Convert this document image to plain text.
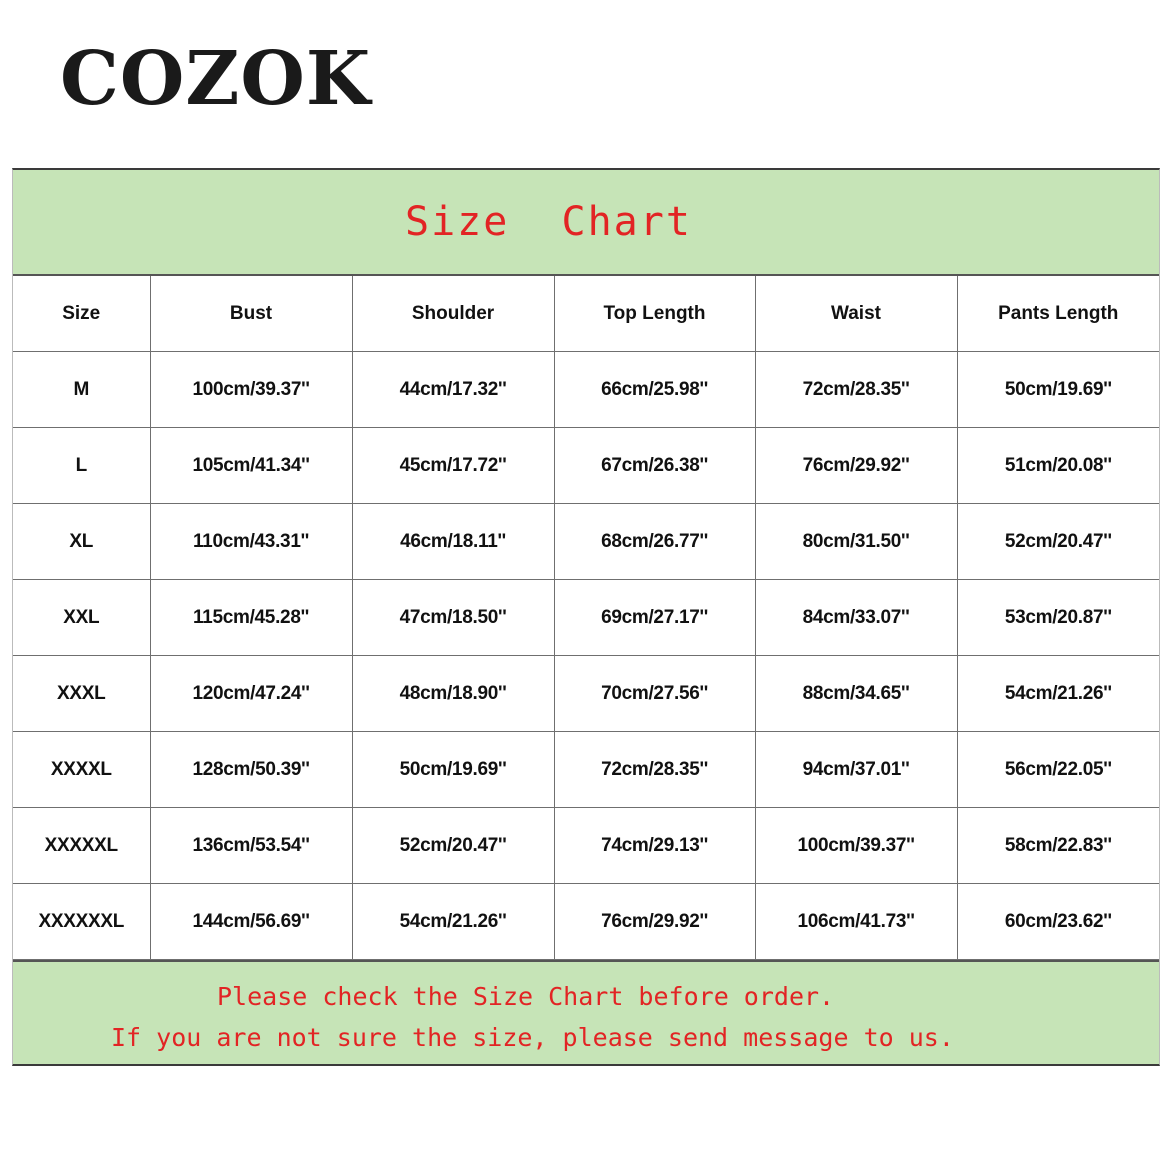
COZOK
Size  Chart
Size	Bust	Shoulder	Top Length	Waist	Pants Length
M	100cm/39.37''	44cm/17.32''	66cm/25.98''	72cm/28.35''	50cm/19.69''
L	105cm/41.34''	45cm/17.72''	67cm/26.38''	76cm/29.92''	51cm/20.08''
XL	110cm/43.31''	46cm/18.11''	68cm/26.77''	80cm/31.50''	52cm/20.47''
XXL	115cm/45.28''	47cm/18.50''	69cm/27.17''	84cm/33.07''	53cm/20.87''
XXXL	120cm/47.24''	48cm/18.90''	70cm/27.56''	88cm/34.65''	54cm/21.26''
XXXXL	128cm/50.39''	50cm/19.69''	72cm/28.35''	94cm/37.01''	56cm/22.05''
XXXXXL	136cm/53.54''	52cm/20.47''	74cm/29.13''	100cm/39.37''	58cm/22.83''
XXXXXXL	144cm/56.69''	54cm/21.26''	76cm/29.92''	106cm/41.73''	60cm/23.62''
Please check the Size Chart before order.
If you are not sure the size, please send message to us.
